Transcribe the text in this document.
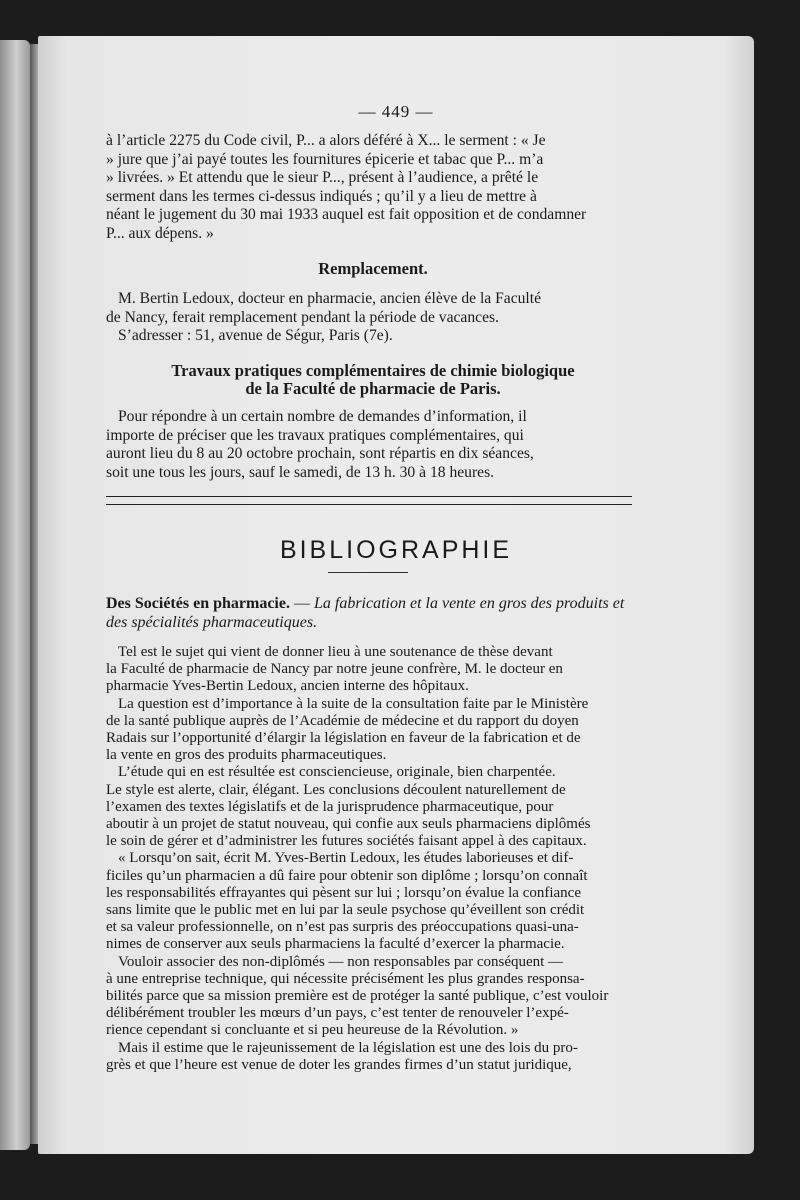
— 449 —

à l’article 2275 du Code civil, P... a alors déféré à X... le serment : « Je

» jure que j’ai payé toutes les fournitures épicerie et tabac que P... m’a

» livrées. » Et attendu que le sieur P..., présent à l’audience, a prêté le

serment dans les termes ci-dessus indiqués ; qu’il y a lieu de mettre à

néant le jugement du 30 mai 1933 auquel est fait opposition et de condamner

P... aux dépens. »

Remplacement.

M. Bertin Ledoux, docteur en pharmacie, ancien élève de la Faculté

de Nancy, ferait remplacement pendant la période de vacances.

S’adresser : 51, avenue de Ségur, Paris (7e).

Travaux pratiques complémentaires de chimie biologique
de la Faculté de pharmacie de Paris.

Pour répondre à un certain nombre de demandes d’information, il

importe de préciser que les travaux pratiques complémentaires, qui

auront lieu du 8 au 20 octobre prochain, sont répartis en dix séances,

soit une tous les jours, sauf le samedi, de 13 h. 30 à 18 heures.

BIBLIOGRAPHIE
Des Sociétés en pharmacie. — La fabrication et la vente en gros des produits et des spécialités pharmaceutiques.

Tel est le sujet qui vient de donner lieu à une soutenance de thèse devant

la Faculté de pharmacie de Nancy par notre jeune confrère, M. le docteur en

pharmacie Yves-Bertin Ledoux, ancien interne des hôpitaux.

La question est d’importance à la suite de la consultation faite par le Ministère

de la santé publique auprès de l’Académie de médecine et du rapport du doyen

Radais sur l’opportunité d’élargir la législation en faveur de la fabrication et de

la vente en gros des produits pharmaceutiques.

L’étude qui en est résultée est consciencieuse, originale, bien charpentée.

Le style est alerte, clair, élégant. Les conclusions découlent naturellement de

l’examen des textes législatifs et de la jurisprudence pharmaceutique, pour

aboutir à un projet de statut nouveau, qui confie aux seuls pharmaciens diplômés

le soin de gérer et d’administrer les futures sociétés faisant appel à des capitaux.

« Lorsqu’on sait, écrit M. Yves-Bertin Ledoux, les études laborieuses et dif-

ficiles qu’un pharmacien a dû faire pour obtenir son diplôme ; lorsqu’on connaît

les responsabilités effrayantes qui pèsent sur lui ; lorsqu’on évalue la confiance

sans limite que le public met en lui par la seule psychose qu’éveillent son crédit

et sa valeur professionnelle, on n’est pas surpris des préoccupations quasi-una-

nimes de conserver aux seuls pharmaciens la faculté d’exercer la pharmacie.

Vouloir associer des non-diplômés — non responsables par conséquent —

à une entreprise technique, qui nécessite précisément les plus grandes responsa-

bilités parce que sa mission première est de protéger la santé publique, c’est vouloir

délibérément troubler les mœurs d’un pays, c’est tenter de renouveler l’expé-

rience cependant si concluante et si peu heureuse de la Révolution. »

Mais il estime que le rajeunissement de la législation est une des lois du pro-

grès et que l’heure est venue de doter les grandes firmes d’un statut juridique,
